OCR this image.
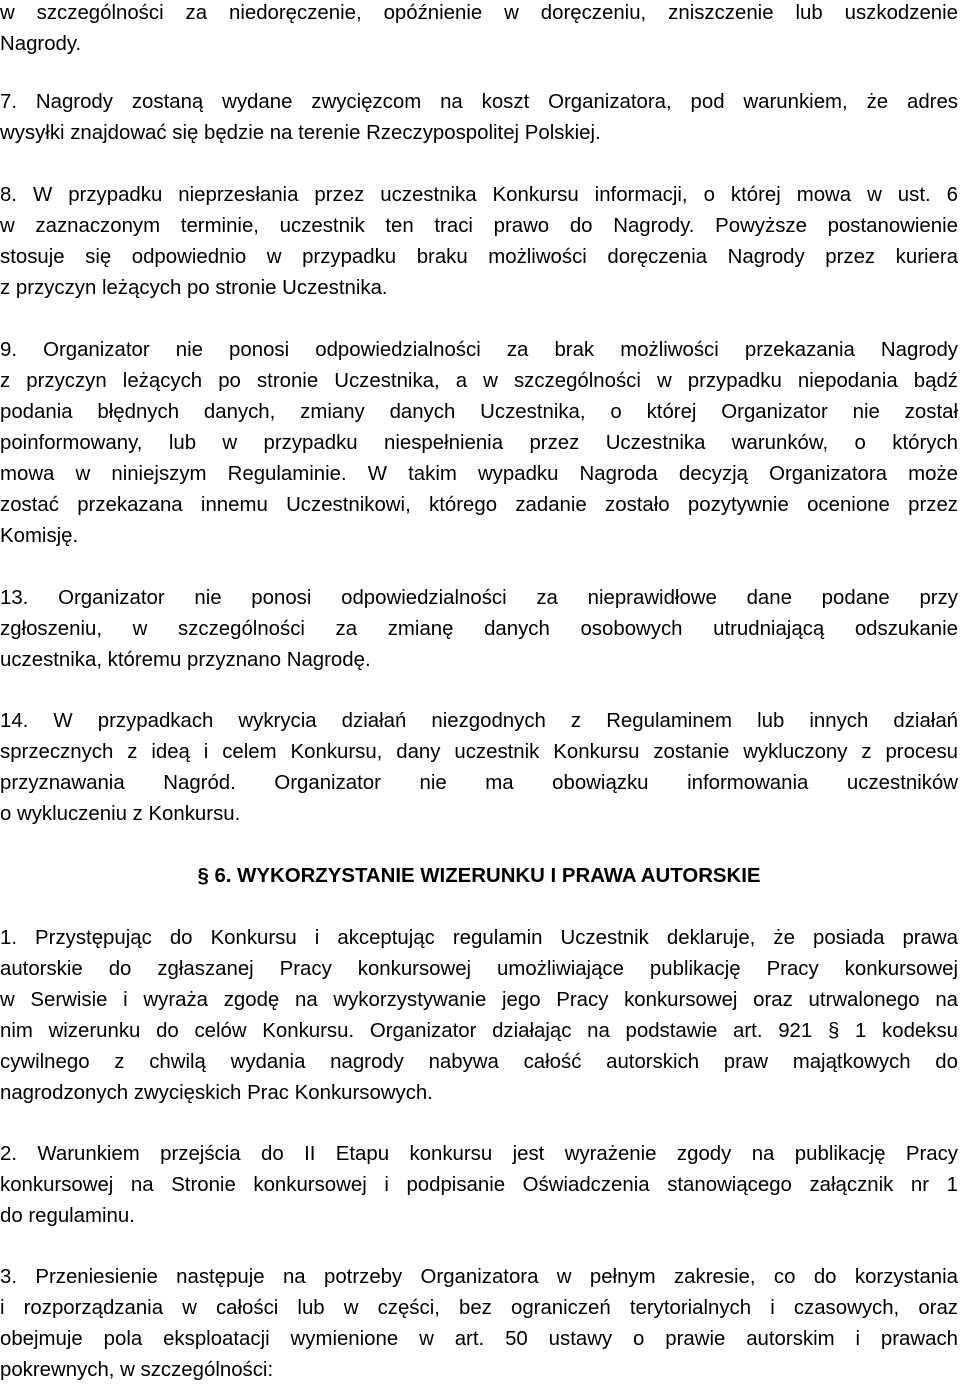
w szczególności za niedoręczenie, opóźnienie w doręczeniu, zniszczenie lub uszkodzenie
Nagrody.
7. Nagrody zostaną wydane zwycięzcom na koszt Organizatora, pod warunkiem, że adres
wysyłki znajdować się będzie na terenie Rzeczypospolitej Polskiej.
8. W przypadku nieprzesłania przez uczestnika Konkursu informacji, o której mowa w ust. 6
w zaznaczonym terminie, uczestnik ten traci prawo do Nagrody. Powyższe postanowienie
stosuje się odpowiednio w przypadku braku możliwości doręczenia Nagrody przez kuriera
z przyczyn leżących po stronie Uczestnika.
9. Organizator nie ponosi odpowiedzialności za brak możliwości przekazania Nagrody
z przyczyn leżących po stronie Uczestnika, a w szczególności w przypadku niepodania bądź
podania błędnych danych, zmiany danych Uczestnika, o której Organizator nie został
poinformowany, lub w przypadku niespełnienia przez Uczestnika warunków, o których
mowa w niniejszym Regulaminie. W takim wypadku Nagroda decyzją Organizatora może
zostać przekazana innemu Uczestnikowi, którego zadanie zostało pozytywnie ocenione przez
Komisję.
13. Organizator nie ponosi odpowiedzialności za nieprawidłowe dane podane przy
zgłoszeniu, w szczególności za zmianę danych osobowych utrudniającą odszukanie
uczestnika, któremu przyznano Nagrodę.
14. W przypadkach wykrycia działań niezgodnych z Regulaminem lub innych działań
sprzecznych z ideą i celem Konkursu, dany uczestnik Konkursu zostanie wykluczony z procesu
przyznawania Nagród. Organizator nie ma obowiązku informowania uczestników
o wykluczeniu z Konkursu.
§ 6. WYKORZYSTANIE WIZERUNKU I PRAWA AUTORSKIE
1. Przystępując do Konkursu i akceptując regulamin Uczestnik deklaruje, że posiada prawa
autorskie do zgłaszanej Pracy konkursowej umożliwiające publikację Pracy konkursowej
w Serwisie i wyraża zgodę na wykorzystywanie jego Pracy konkursowej oraz utrwalonego na
nim wizerunku do celów Konkursu. Organizator działając na podstawie art. 921 § 1 kodeksu
cywilnego z chwilą wydania nagrody nabywa całość autorskich praw majątkowych do
nagrodzonych zwycięskich Prac Konkursowych.
2. Warunkiem przejścia do II Etapu konkursu jest wyrażenie zgody na publikację Pracy
konkursowej na Stronie konkursowej i podpisanie Oświadczenia stanowiącego załącznik nr 1
do regulaminu.
3. Przeniesienie następuje na potrzeby Organizatora w pełnym zakresie, co do korzystania
i rozporządzania w całości lub w części, bez ograniczeń terytorialnych i czasowych, oraz
obejmuje pola eksploatacji wymienione w art. 50 ustawy o prawie autorskim i prawach
pokrewnych, w szczególności:
